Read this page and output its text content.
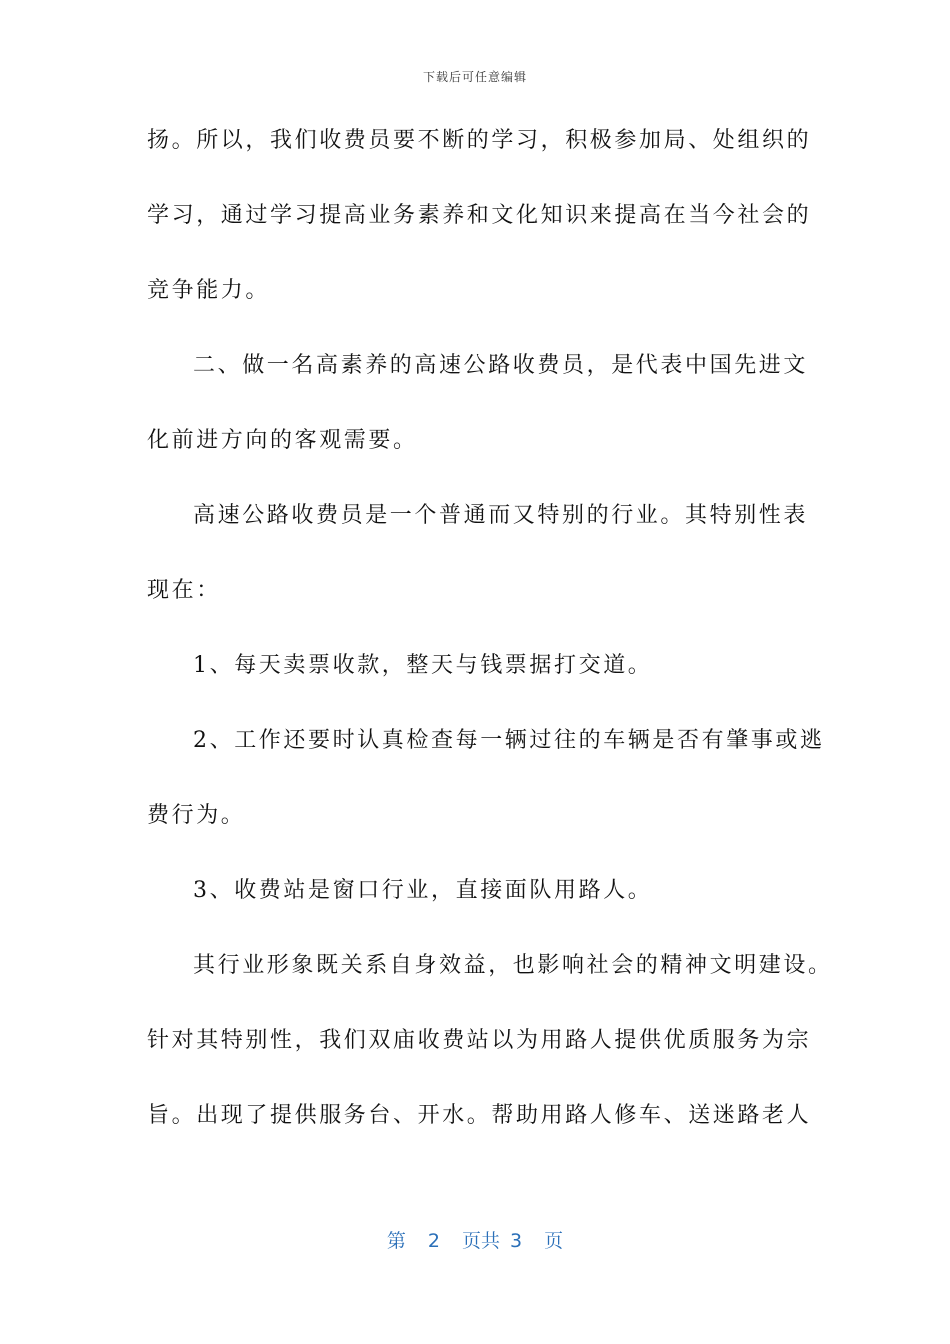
下载后可任意编辑
扬。所以，我们收费员要不断的学习，积极参加局、处组织的
学习，通过学习提高业务素养和文化知识来提高在当今社会的
竞争能力。
二、做一名高素养的高速公路收费员，是代表中国先进文
化前进方向的客观需要。
高速公路收费员是一个普通而又特别的行业。其特别性表
现在：
1、每天卖票收款，整天与钱票据打交道。
2、工作还要时认真检查每一辆过往的车辆是否有肇事或逃
费行为。
3、收费站是窗口行业，直接面队用路人。
其行业形象既关系自身效益，也影响社会的精神文明建设。
针对其特别性，我们双庙收费站以为用路人提供优质服务为宗
旨。出现了提供服务台、开水。帮助用路人修车、送迷路老人
第 2 页共 3 页
